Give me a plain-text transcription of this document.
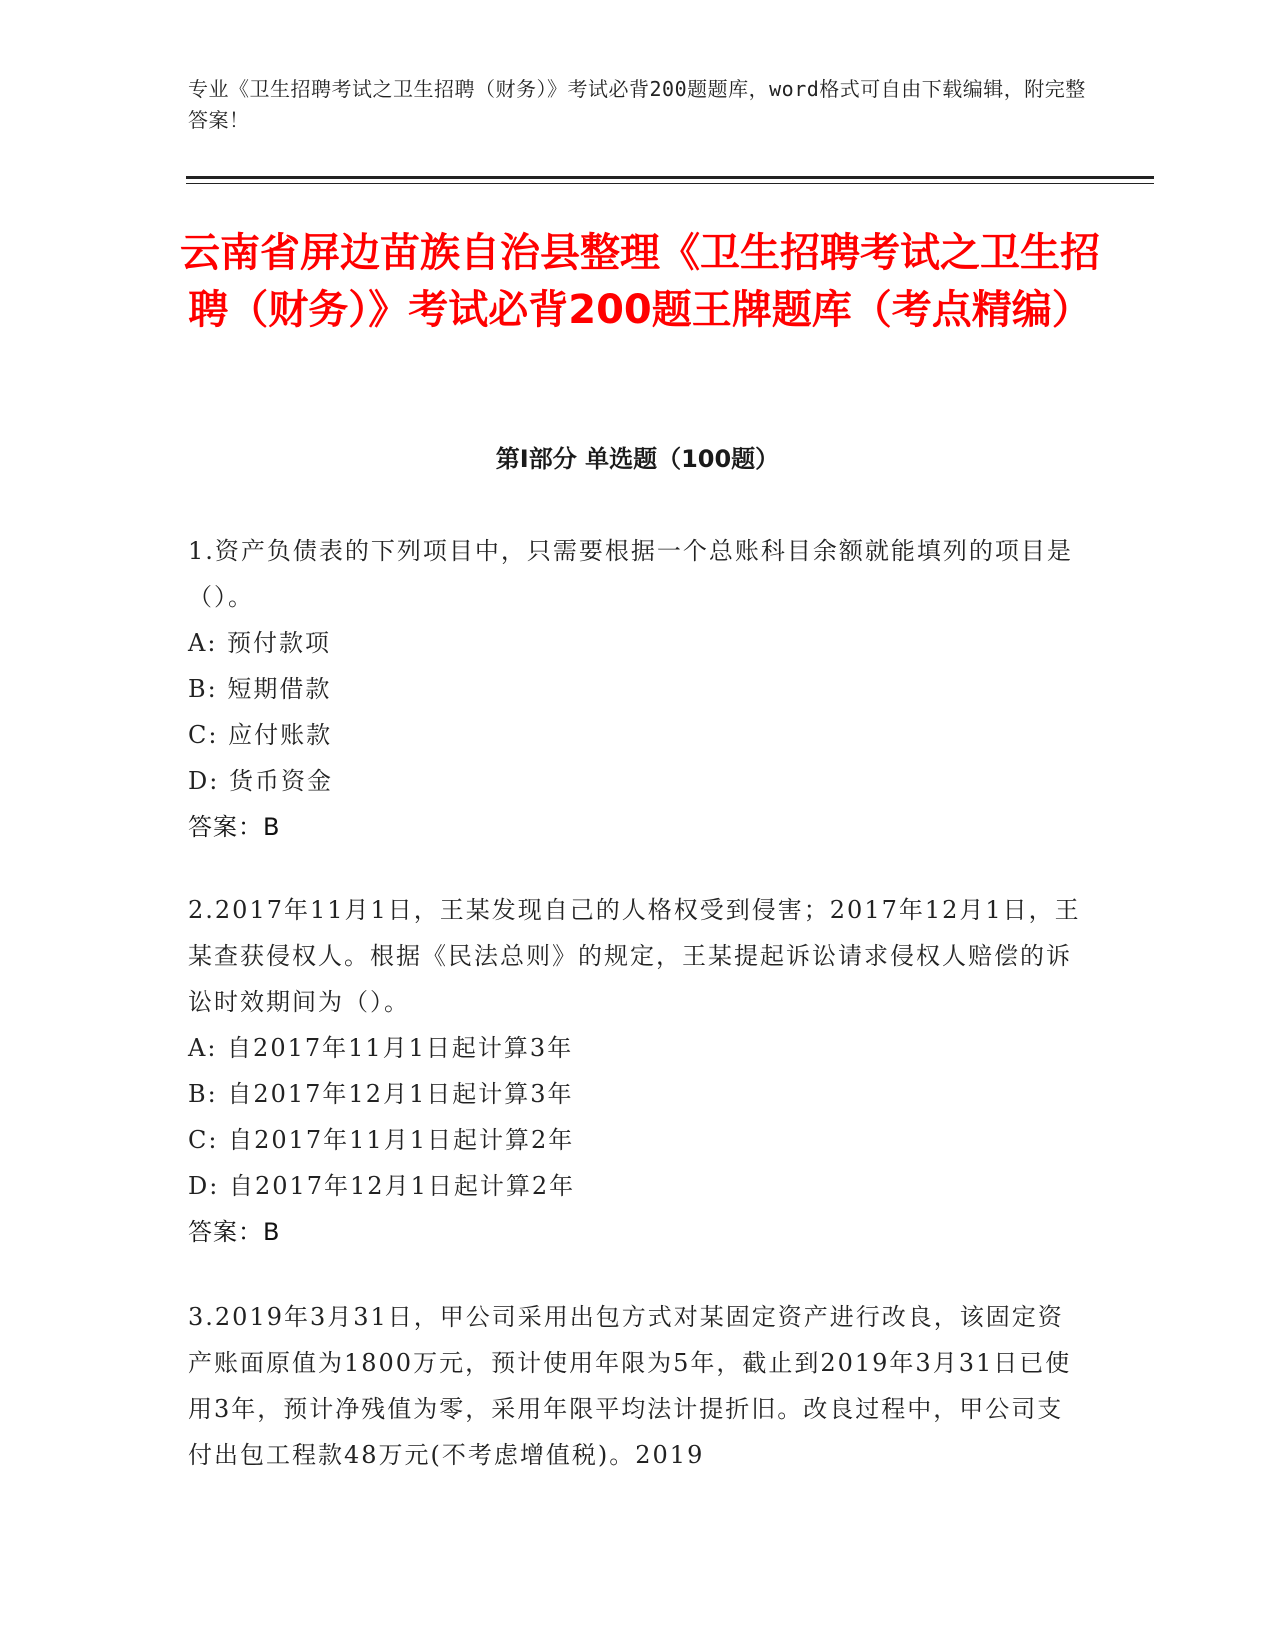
专业《卫生招聘考试之卫生招聘（财务）》考试必背200题题库，word格式可自由下载编辑，附完整答案！
云南省屏边苗族自治县整理《卫生招聘考试之卫生招聘（财务）》考试必背200题王牌题库（考点精编）
第Ⅰ部分 单选题（100题）
1.资产负债表的下列项目中，只需要根据一个总账科目余额就能填列的项目是（）。
A: 预付款项
B: 短期借款
C: 应付账款
D: 货币资金
答案：B
2.2017年11月1日，王某发现自己的人格权受到侵害；2017年12月1日，王某查获侵权人。根据《民法总则》的规定，王某提起诉讼请求侵权人赔偿的诉讼时效期间为（）。
A: 自2017年11月1日起计算3年
B: 自2017年12月1日起计算3年
C: 自2017年11月1日起计算2年
D: 自2017年12月1日起计算2年
答案：B
3.2019年3月31日，甲公司采用出包方式对某固定资产进行改良，该固定资产账面原值为1800万元，预计使用年限为5年，截止到2019年3月31日已使用3年，预计净残值为零，采用年限平均法计提折旧。改良过程中，甲公司支付出包工程款48万元(不考虑增值税)。2019
